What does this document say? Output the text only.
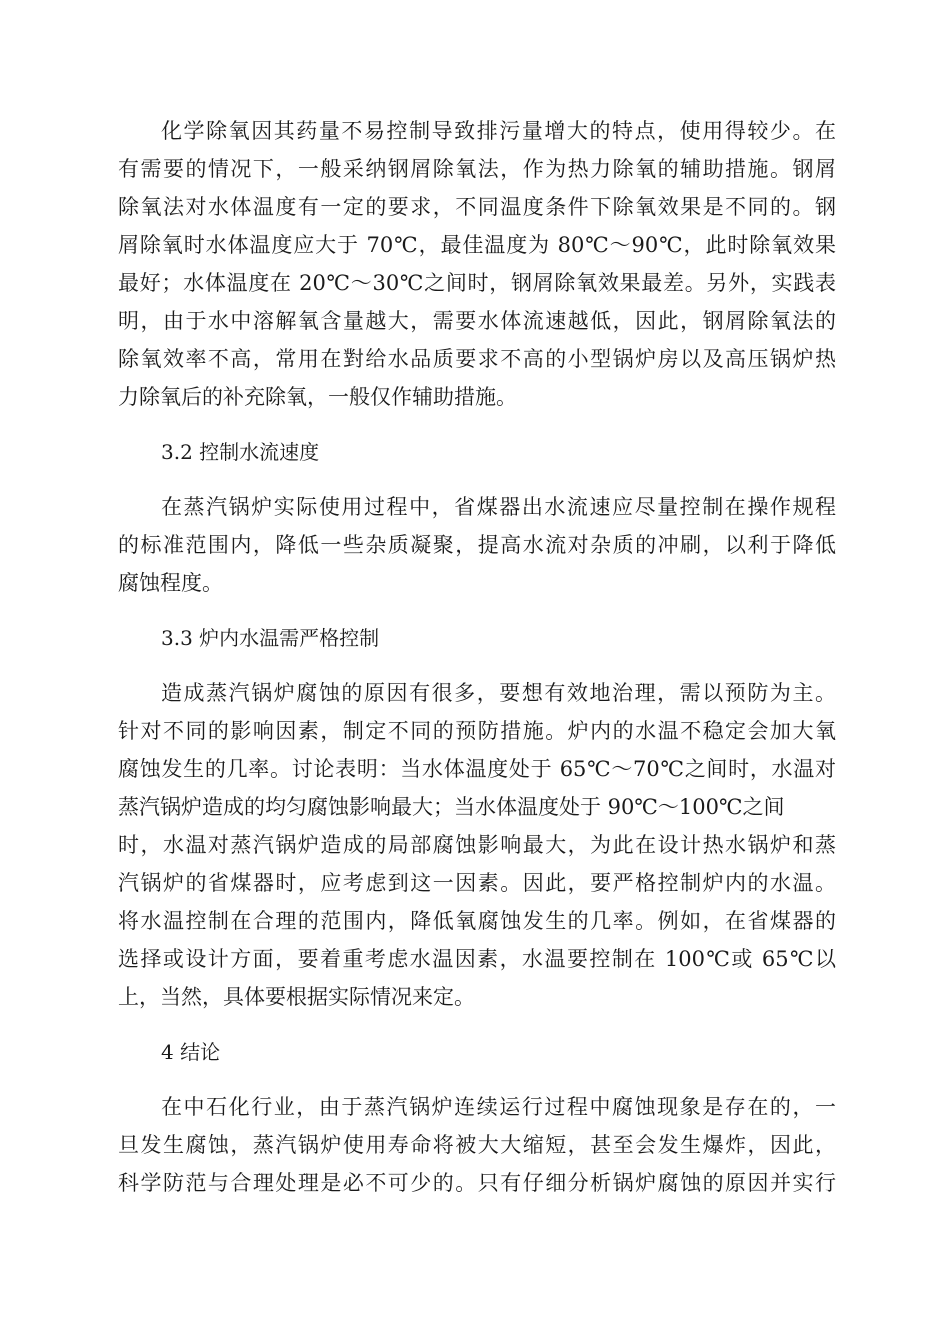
化学除氧因其药量不易控制导致排污量增大的特点，使用得较少。在
有需要的情况下，一般采纳钢屑除氧法，作为热力除氧的辅助措施。钢屑
除氧法对水体温度有一定的要求，不同温度条件下除氧效果是不同的。钢
屑除氧时水体温度应大于 70℃，最佳温度为 80℃～90℃，此时除氧效果
最好；水体温度在 20℃～30℃之间时，钢屑除氧效果最差。另外，实践表
明，由于水中溶解氧含量越大，需要水体流速越低，因此，钢屑除氧法的
除氧效率不高，常用在對给水品质要求不高的小型锅炉房以及高压锅炉热
力除氧后的补充除氧，一般仅作辅助措施。
3.2 控制水流速度
在蒸汽锅炉实际使用过程中，省煤器出水流速应尽量控制在操作规程
的标准范围内，降低一些杂质凝聚，提高水流对杂质的冲刷，以利于降低
腐蚀程度。
3.3 炉内水温需严格控制
造成蒸汽锅炉腐蚀的原因有很多，要想有效地治理，需以预防为主。
针对不同的影响因素，制定不同的预防措施。炉内的水温不稳定会加大氧
腐蚀发生的几率。讨论表明：当水体温度处于 65℃～70℃之间时，水温对
蒸汽锅炉造成的均匀腐蚀影响最大；当水体温度处于 90℃～100℃之间
时，水温对蒸汽锅炉造成的局部腐蚀影响最大，为此在设计热水锅炉和蒸
汽锅炉的省煤器时，应考虑到这一因素。因此，要严格控制炉内的水温。
将水温控制在合理的范围内，降低氧腐蚀发生的几率。例如，在省煤器的
选择或设计方面，要着重考虑水温因素，水温要控制在 100℃或 65℃以
上，当然，具体要根据实际情况来定。
4 结论
在中石化行业，由于蒸汽锅炉连续运行过程中腐蚀现象是存在的，一
旦发生腐蚀，蒸汽锅炉使用寿命将被大大缩短，甚至会发生爆炸，因此，
科学防范与合理处理是必不可少的。只有仔细分析锅炉腐蚀的原因并实行
